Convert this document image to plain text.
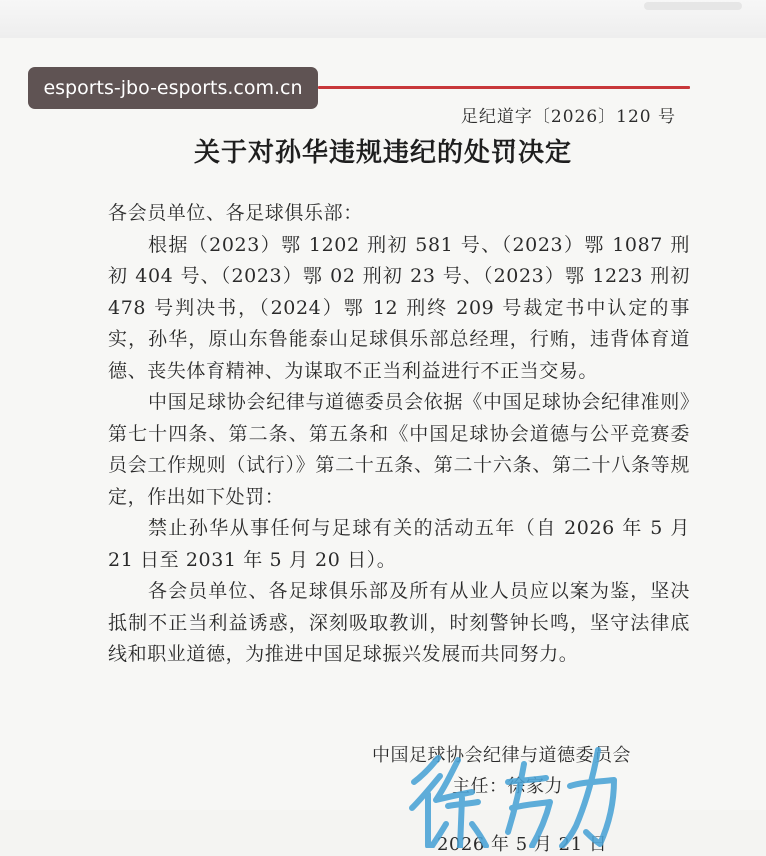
esports-jbo-esports.com.cn
足纪道字〔2026〕120 号
关于对孙华违规违纪的处罚决定

各会员单位、各足球俱乐部：

根据（2023）鄂 1202 刑初 581 号、（2023）鄂 1087 刑初 404 号、（2023）鄂 02 刑初 23 号、（2023）鄂 1223 刑初 478 号判决书，（2024）鄂 12 刑终 209 号裁定书中认定的事实，孙华，原山东鲁能泰山足球俱乐部总经理，行贿，违背体育道德、丧失体育精神、为谋取不正当利益进行不正当交易。

中国足球协会纪律与道德委员会依据《中国足球协会纪律准则》第七十四条、第二条、第五条和《中国足球协会道德与公平竞赛委员会工作规则（试行）》第二十五条、第二十六条、第二十八条等规定，作出如下处罚：

禁止孙华从事任何与足球有关的活动五年（自 2026 年 5 月 21 日至 2031 年 5 月 20 日）。

各会员单位、各足球俱乐部及所有从业人员应以案为鉴，坚决抵制不正当利益诱惑，深刻吸取教训，时刻警钟长鸣，坚守法律底线和职业道德，为推进中国足球振兴发展而共同努力。

中国足球协会纪律与道德委员会
主任：徐家力
2026 年 5 月 21 日
